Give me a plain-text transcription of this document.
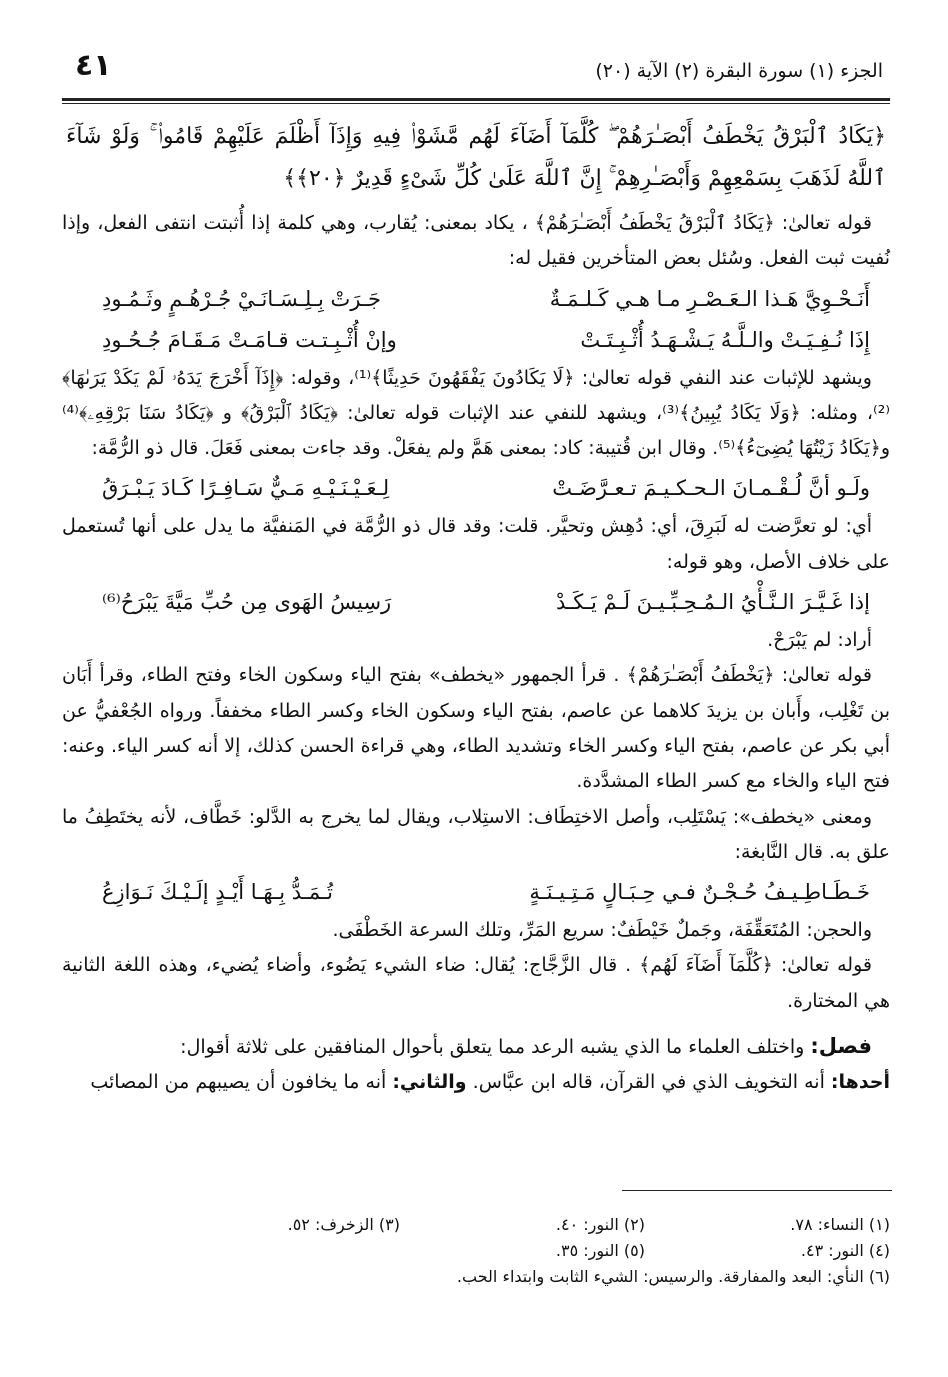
٤١	الجزء (١) سورة البقرة (٢) الآية (٢٠)

﴿يَكَادُ ٱلْبَرْقُ يَخْطَفُ أَبْصَـٰرَهُمْ ۖ كُلَّمَآ أَضَآءَ لَهُم مَّشَوْا۟ فِيهِ وَإِذَآ أَظْلَمَ عَلَيْهِمْ قَامُوا۟ ۚ وَلَوْ شَآءَ ٱللَّهُ لَذَهَبَ بِسَمْعِهِمْ وَأَبْصَـٰرِهِمْ ۚ إِنَّ ٱللَّهَ عَلَىٰ كُلِّ شَىْءٍ قَدِيرٌ ﴿٢٠﴾﴾

قوله تعالىٰ: ﴿يَكَادُ ٱلْبَرْقُ يَخْطَفُ أَبْصَـٰرَهُمْ﴾ ، يكاد بمعنى: يُقارب، وهي كلمة إذا أُثبتت انتفى الفعل، وإذا نُفيت ثبت الفعل. وسُئل بعض المتأخرين فقيل له:

أَنَـحْـوِيَّ هَـذا الـعَـصْـرِ مـا هـي كَـلـمَـةٌ
جَـرَتْ بِـلِـسَـانَـيْ جُـرْهُـمٍ وثَـمُـودِ
إِذَا نُـفِـيَـتْ والـلَّـهُ يَـشْـهَـدُ أُثْـبِـتَـتْ
وإنْ أُثْـبِـتـت قـامَـتْ مَـقَـامَ جُـحُـودِ

ويشهد للإثبات عند النفي قوله تعالىٰ: ﴿لَا يَكَادُونَ يَفْقَهُونَ حَدِيثًا﴾⁽¹⁾، وقوله: ﴿إِذَآ أَخْرَجَ يَدَهُۥ لَمْ يَكَدْ يَرَىٰهَا﴾⁽²⁾، ومثله: ﴿وَلَا يَكَادُ يُبِينُ﴾⁽³⁾، ويشهد للنفي عند الإثبات قوله تعالىٰ: ﴿يَكَادُ ٱلْبَرْقُ﴾ و ﴿يَكَادُ سَنَا بَرْقِهِۦ﴾⁽⁴⁾ و﴿يَكَادُ زَيْتُهَا يُضِىٓءُ﴾⁽⁵⁾. وقال ابن قُتيبة: كاد: بمعنى هَمَّ ولم يفعَلْ. وقد جاءت بمعنى فَعَلَ. قال ذو الرُّمَّة:

ولَـو أنَّ لُـقْـمـانَ الـحـكـيـمَ تـعـرَّضَـتْ
لِـعَـيْـنَـيْـهِ مَـيٌّ سَـافِـرًا كَـادَ يَـبْـرَقُ

أي: لو تعرَّضت له لَبَرِقَ، أي: دُهِش وتحيَّر. قلت: وقد قال ذو الرُّمَّة في المَنفيَّة ما يدل على أنها تُستعمل على خلاف الأصل، وهو قوله:

إذا غَـيَّـرَ الـنَّـأْيُ الـمُـحِـبِّـيـنَ لَـمْ يَـكَـدْ
رَسِيسُ الهَوى مِن حُبِّ مَيَّةَ يَبْرَحُ⁽⁶⁾

أراد: لم يَبْرَحْ.

قوله تعالىٰ: ﴿يَخْطَفُ أَبْصَـٰرَهُمْ﴾ . قرأ الجمهور «يخطف» بفتح الياء وسكون الخاء وفتح الطاء، وقرأ أَبَان بن تَغْلِب، وأَبان بن يزيدَ كلاهما عن عاصم، بفتح الياء وسكون الخاء وكسر الطاء مخففاً. ورواه الجُعْفيُّ عن أبي بكر عن عاصم، بفتح الياء وكسر الخاء وتشديد الطاء، وهي قراءة الحسن كذلك، إلا أنه كسر الياء. وعنه: فتح الياء والخاء مع كسر الطاء المشدَّدة.

ومعنى «يخطف»: يَسْتَلِب، وأصل الاختِطَاف: الاستِلاب، ويقال لما يخرج به الدَّلو: خَطَّاف، لأنه يختَطِفُ ما علق به. قال النَّابغة:

خَـطَـاطِـيـفُ حُـجْـنٌ فـي حِـبَـالٍ مَـتِـيـنَـةٍ
تُـمَـدُّ بِـهَـا أَيْـدٍ إلَـيْـكَ نَـوَازِعُ

والحجن: المُتَعَقِّفَة، وجَملٌ خَيْطَفٌ: سريع المَرِّ، وتلك السرعة الخَطْفَى.

قوله تعالىٰ: ﴿كُلَّمَآ أَضَآءَ لَهُم﴾ . قال الزَّجَّاج: يُقال: ضاء الشيء يَضُوء، وأضاء يُضيء، وهذه اللغة الثانية هي المختارة.

فصل: واختلف العلماء ما الذي يشبه الرعد مما يتعلق بأحوال المنافقين على ثلاثة أقوال:

أحدها: أنه التخويف الذي في القرآن، قاله ابن عبَّاس. والثاني: أنه ما يخافون أن يصيبهم من المصائب

(١) النساء: ٧٨.
(٢) النور: ٤٠.
(٣) الزخرف: ٥٢.
(٤) النور: ٤٣.
(٥) النور: ٣٥.
(٦) النأي: البعد والمفارقة. والرسيس: الشيء الثابت وابتداء الحب.
